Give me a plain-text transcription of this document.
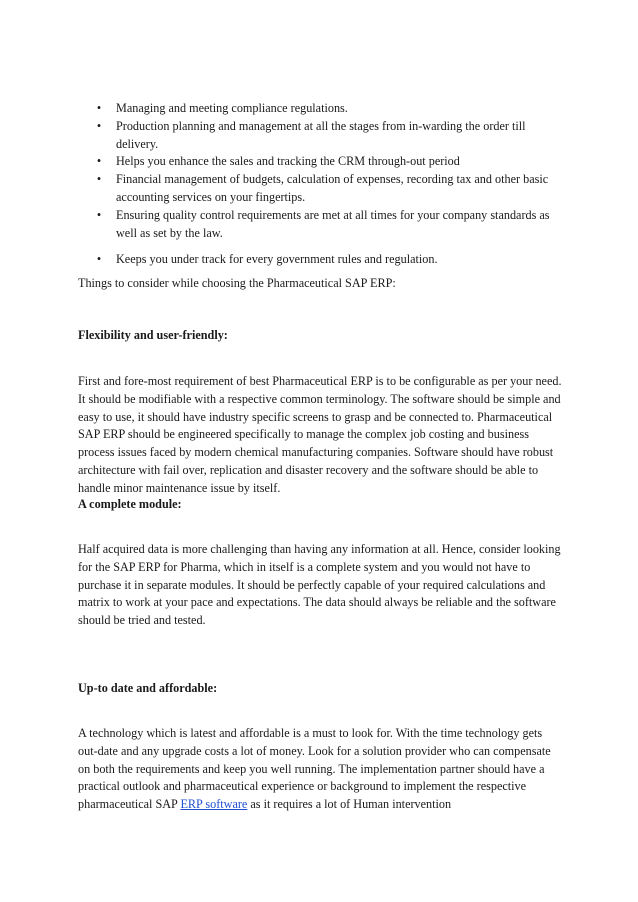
•	Managing and meeting compliance regulations.
•	Production planning and management at all the stages from in-warding the order till delivery.
•	Helps you enhance the sales and tracking the CRM through-out period
•	Financial management of budgets, calculation of expenses, recording tax and other basic accounting services on your fingertips.
•	Ensuring quality control requirements are met at all times for your company standards as well as set by the law.
•	Keeps you under track for every government rules and regulation.

Things to consider while choosing the Pharmaceutical SAP ERP:

Flexibility and user-friendly:

First and fore-most requirement of best Pharmaceutical ERP is to be configurable as per your need. It should be modifiable with a respective common terminology. The software should be simple and easy to use, it should have industry specific screens to grasp and be connected to. Pharmaceutical SAP ERP should be engineered specifically to manage the complex job costing and business process issues faced by modern chemical manufacturing companies. Software should have robust architecture with fail over, replication and disaster recovery and the software should be able to handle minor maintenance issue by itself.

A complete module:

Half acquired data is more challenging than having any information at all. Hence, consider looking for the SAP ERP for Pharma, which in itself is a complete system and you would not have to purchase it in separate modules. It should be perfectly capable of your required calculations and matrix to work at your pace and expectations. The data should always be reliable and the software should be tried and tested.

Up-to date and affordable:

A technology which is latest and affordable is a must to look for. With the time technology gets out-date and any upgrade costs a lot of money. Look for a solution provider who can compensate on both the requirements and keep you well running. The implementation partner should have a practical outlook and pharmaceutical experience or background to implement the respective pharmaceutical SAP ERP software as it requires a lot of Human intervention
